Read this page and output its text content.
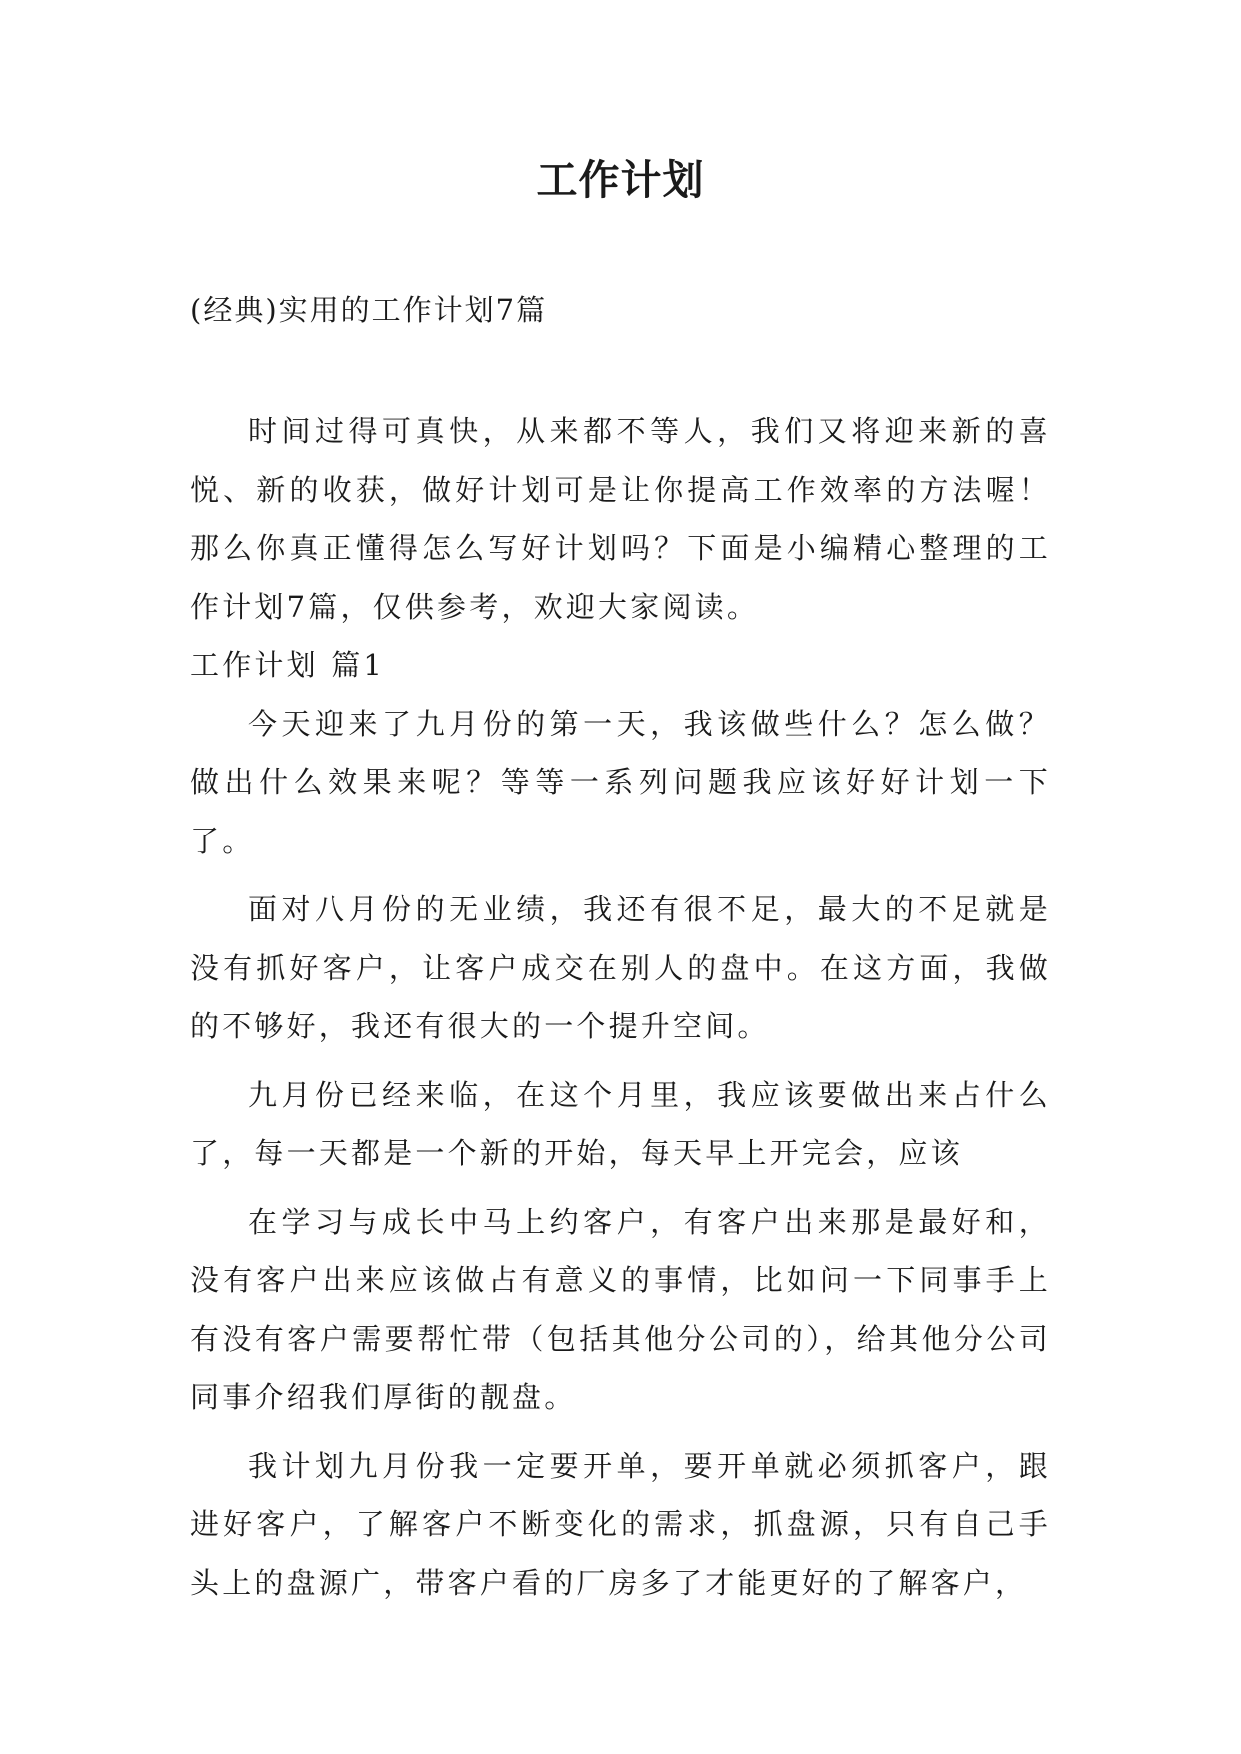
工作计划

(经典)实用的工作计划7篇

时间过得可真快，从来都不等人，我们又将迎来新的喜悦、新的收获，做好计划可是让你提高工作效率的方法喔！那么你真正懂得怎么写好计划吗？下面是小编精心整理的工作计划7篇，仅供参考，欢迎大家阅读。

工作计划 篇1

今天迎来了九月份的第一天，我该做些什么？怎么做？做出什么效果来呢？等等一系列问题我应该好好计划一下了。

面对八月份的无业绩，我还有很不足，最大的不足就是没有抓好客户，让客户成交在别人的盘中。在这方面，我做的不够好，我还有很大的一个提升空间。

九月份已经来临，在这个月里，我应该要做出来占什么了，每一天都是一个新的开始，每天早上开完会，应该

在学习与成长中马上约客户，有客户出来那是最好和，没有客户出来应该做占有意义的事情，比如问一下同事手上有没有客户需要帮忙带（包括其他分公司的），给其他分公司同事介绍我们厚街的靓盘。

我计划九月份我一定要开单，要开单就必须抓客户，跟进好客户，了解客户不断变化的需求，抓盘源，只有自己手头上的盘源广，带客户看的厂房多了才能更好的了解客户，
